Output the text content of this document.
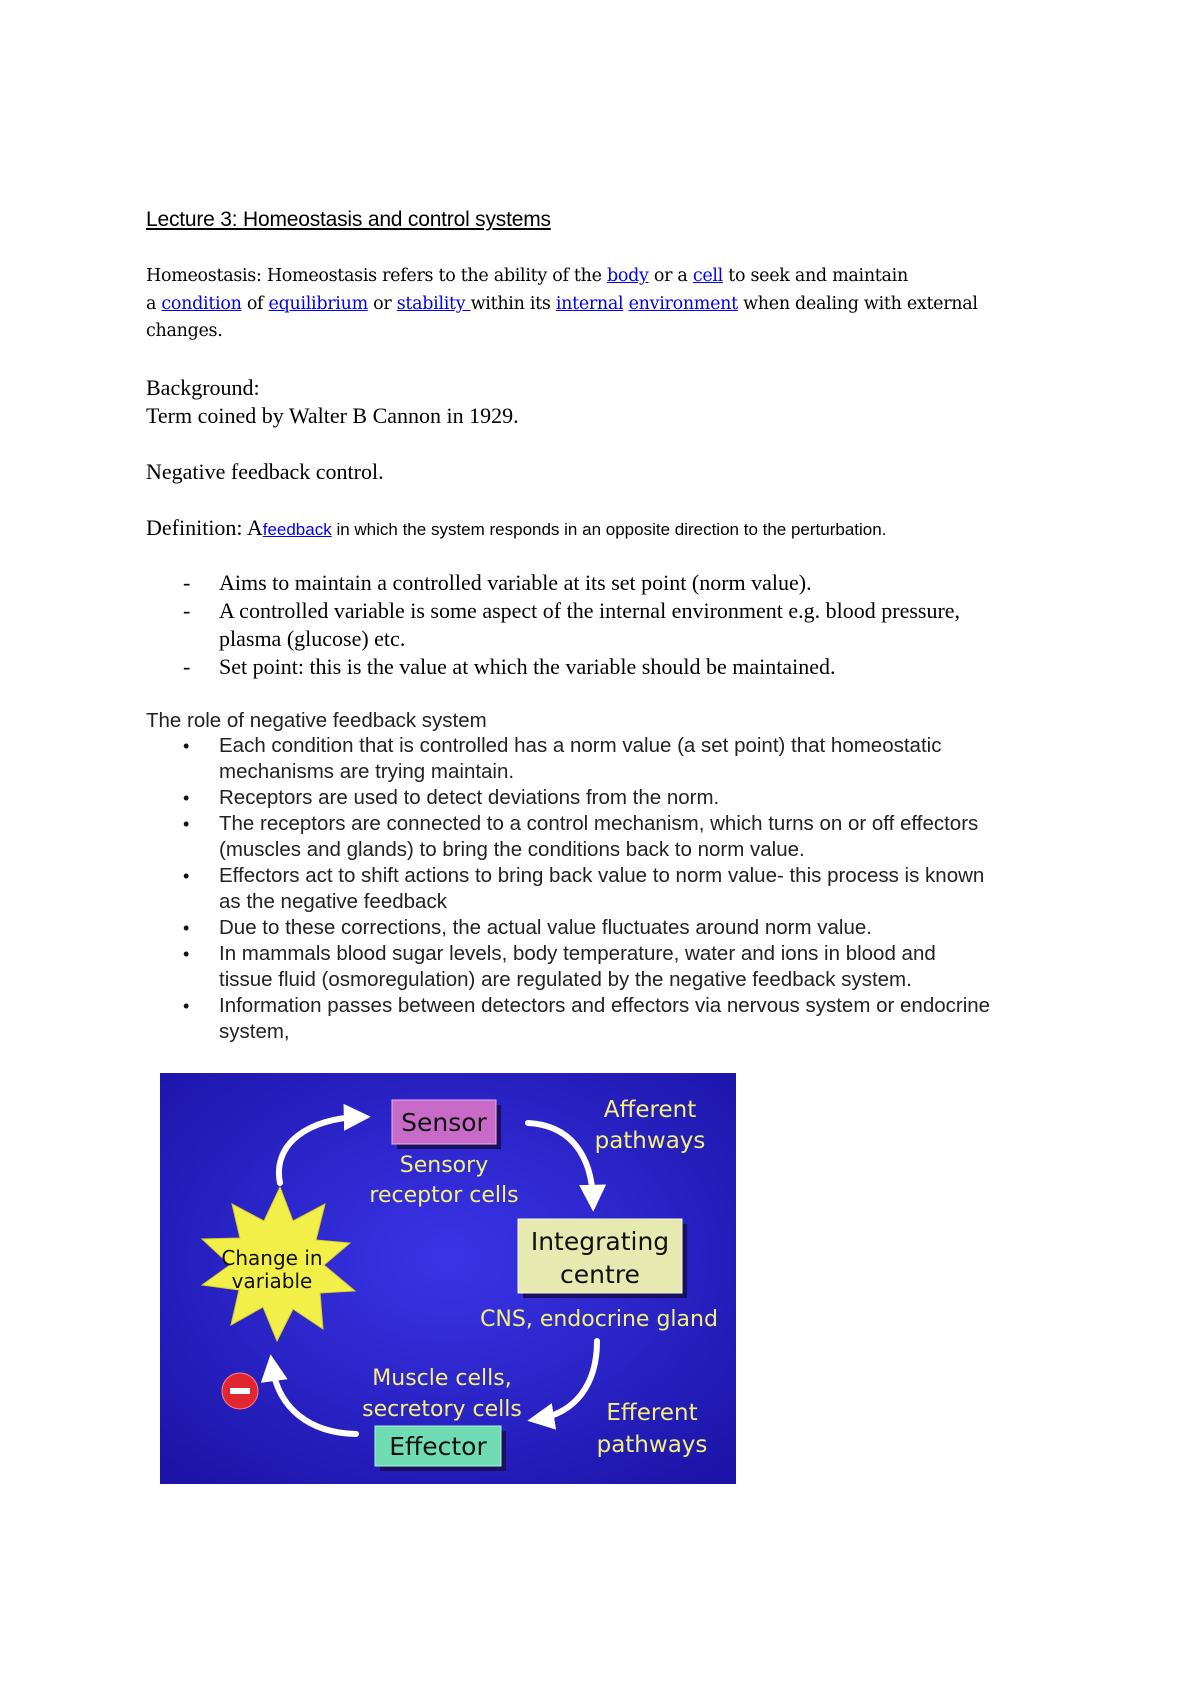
Lecture 3: Homeostasis and control systems
Homeostasis: Homeostasis refers to the ability of the body or a cell to seek and maintain
a condition of equilibrium or stability within its internal environment when dealing with external
changes.
Background:
Term coined by Walter B Cannon in 1929.
Negative feedback control.
Definition: Afeedback in which the system responds in an opposite direction to the perturbation.
- Aims to maintain a controlled variable at its set point (norm value).
- A controlled variable is some aspect of the internal environment e.g. blood pressure,
plasma (glucose) etc.
- Set point: this is the value at which the variable should be maintained.
The role of negative feedback system
• Each condition that is controlled has a norm value (a set point) that homeostatic
mechanisms are trying maintain.
• Receptors are used to detect deviations from the norm.
• The receptors are connected to a control mechanism, which turns on or off effectors
(muscles and glands) to bring the conditions back to norm value.
• Effectors act to shift actions to bring back value to norm value- this process is known
as the negative feedback
• Due to these corrections, the actual value fluctuates around norm value.
• In mammals blood sugar levels, body temperature, water and ions in blood and
tissue fluid (osmoregulation) are regulated by the negative feedback system.
• Information passes between detectors and effectors via nervous system or endocrine
system,
Sensor
Sensory
receptor cells
Afferent
pathways
Integrating
centre
CNS, endocrine gland
Change in
variable
Muscle cells,
secretory cells	Efferent
pathways
Effector
